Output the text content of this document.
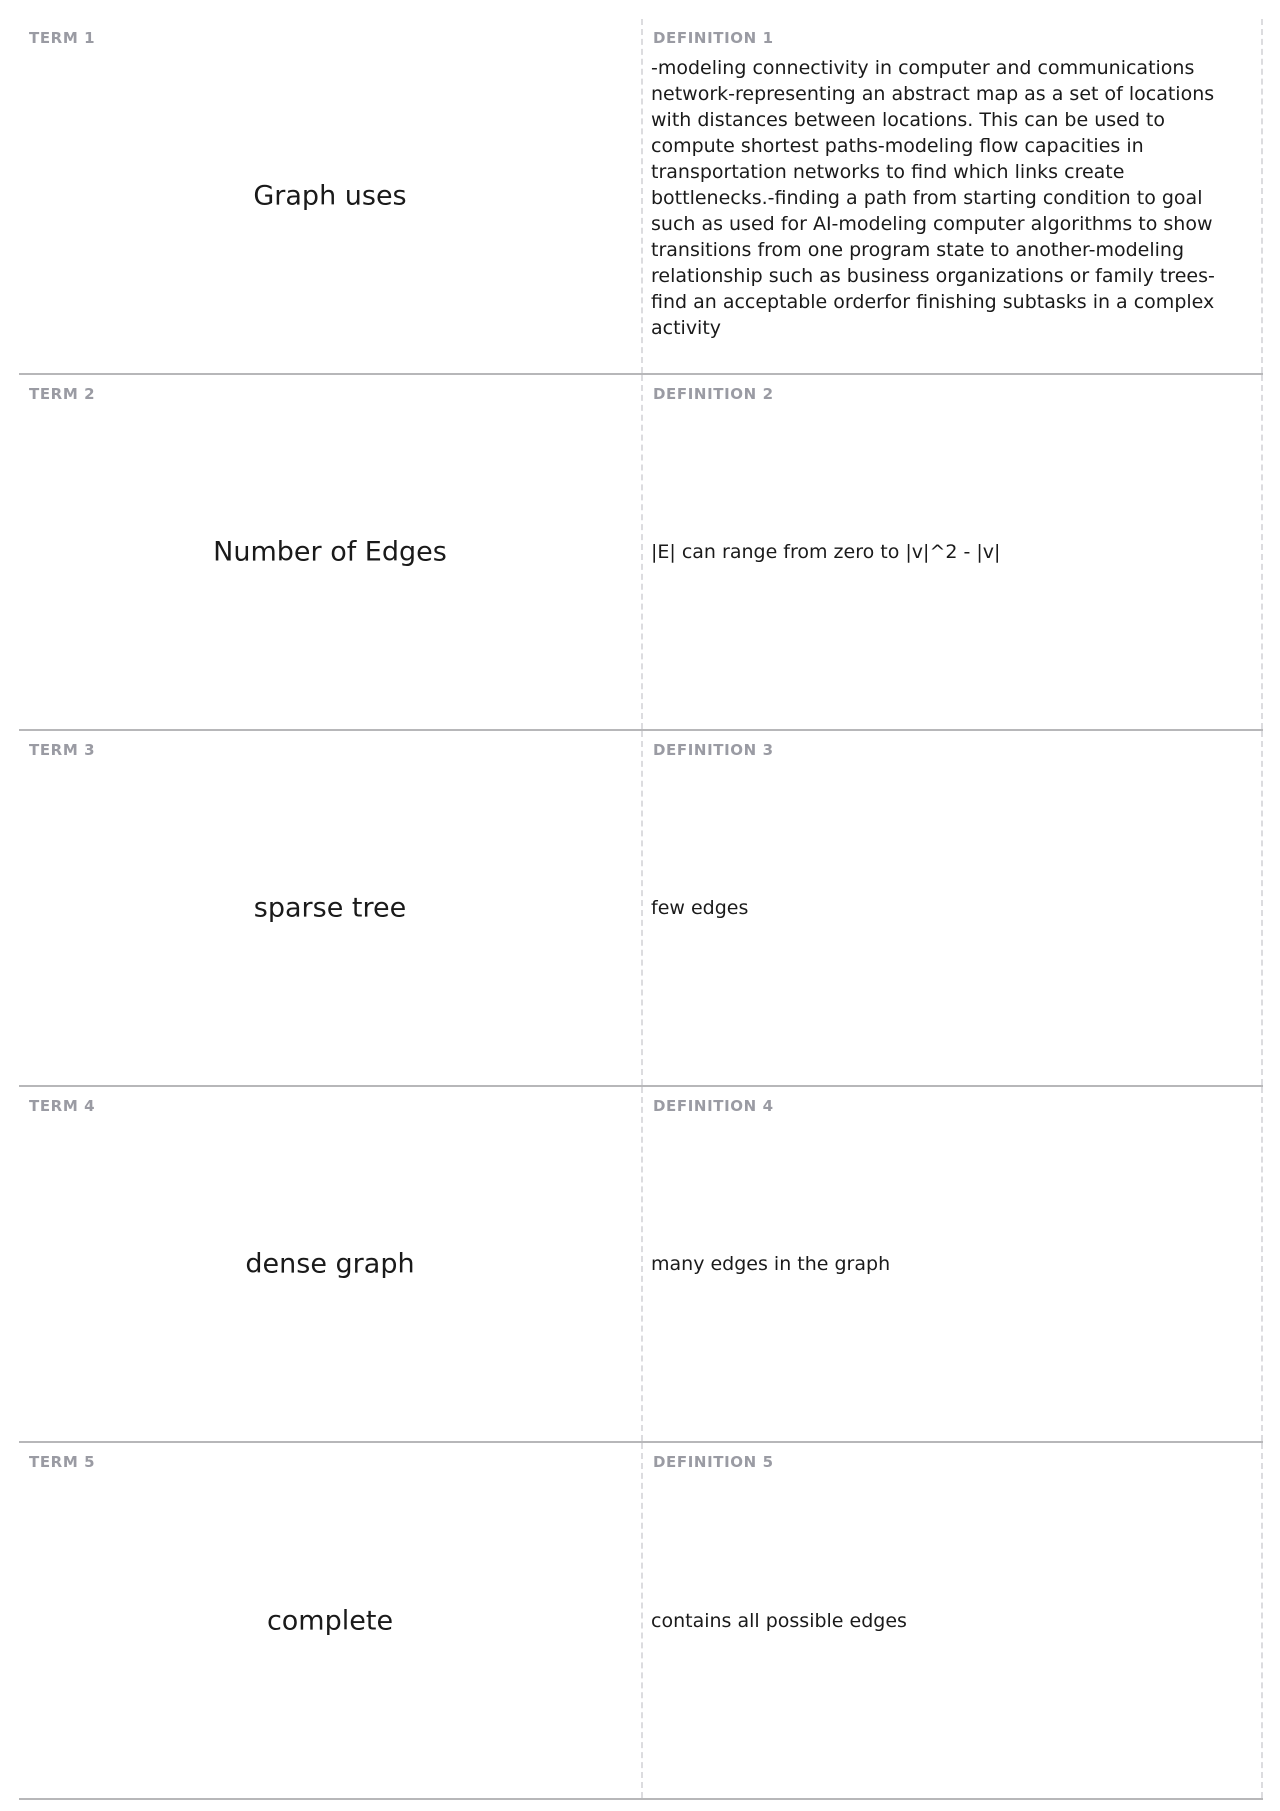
TERM 1
Graph uses
DEFINITION 1
-modeling connectivity in computer and communications network-representing an abstract map as a set of locations with distances between locations. This can be used to compute shortest paths-modeling flow capacities in transportation networks to find which links create bottlenecks.-finding a path from starting condition to goal such as used for AI-modeling computer algorithms to show transitions from one program state to another-modeling relationship such as business organizations or family trees-find an acceptable orderfor finishing subtasks in a complex activity
TERM 2
Number of Edges
DEFINITION 2
|E| can range from zero to |v|^2 - |v|
TERM 3
sparse tree
DEFINITION 3
few edges
TERM 4
dense graph
DEFINITION 4
many edges in the graph
TERM 5
complete
DEFINITION 5
contains all possible edges
